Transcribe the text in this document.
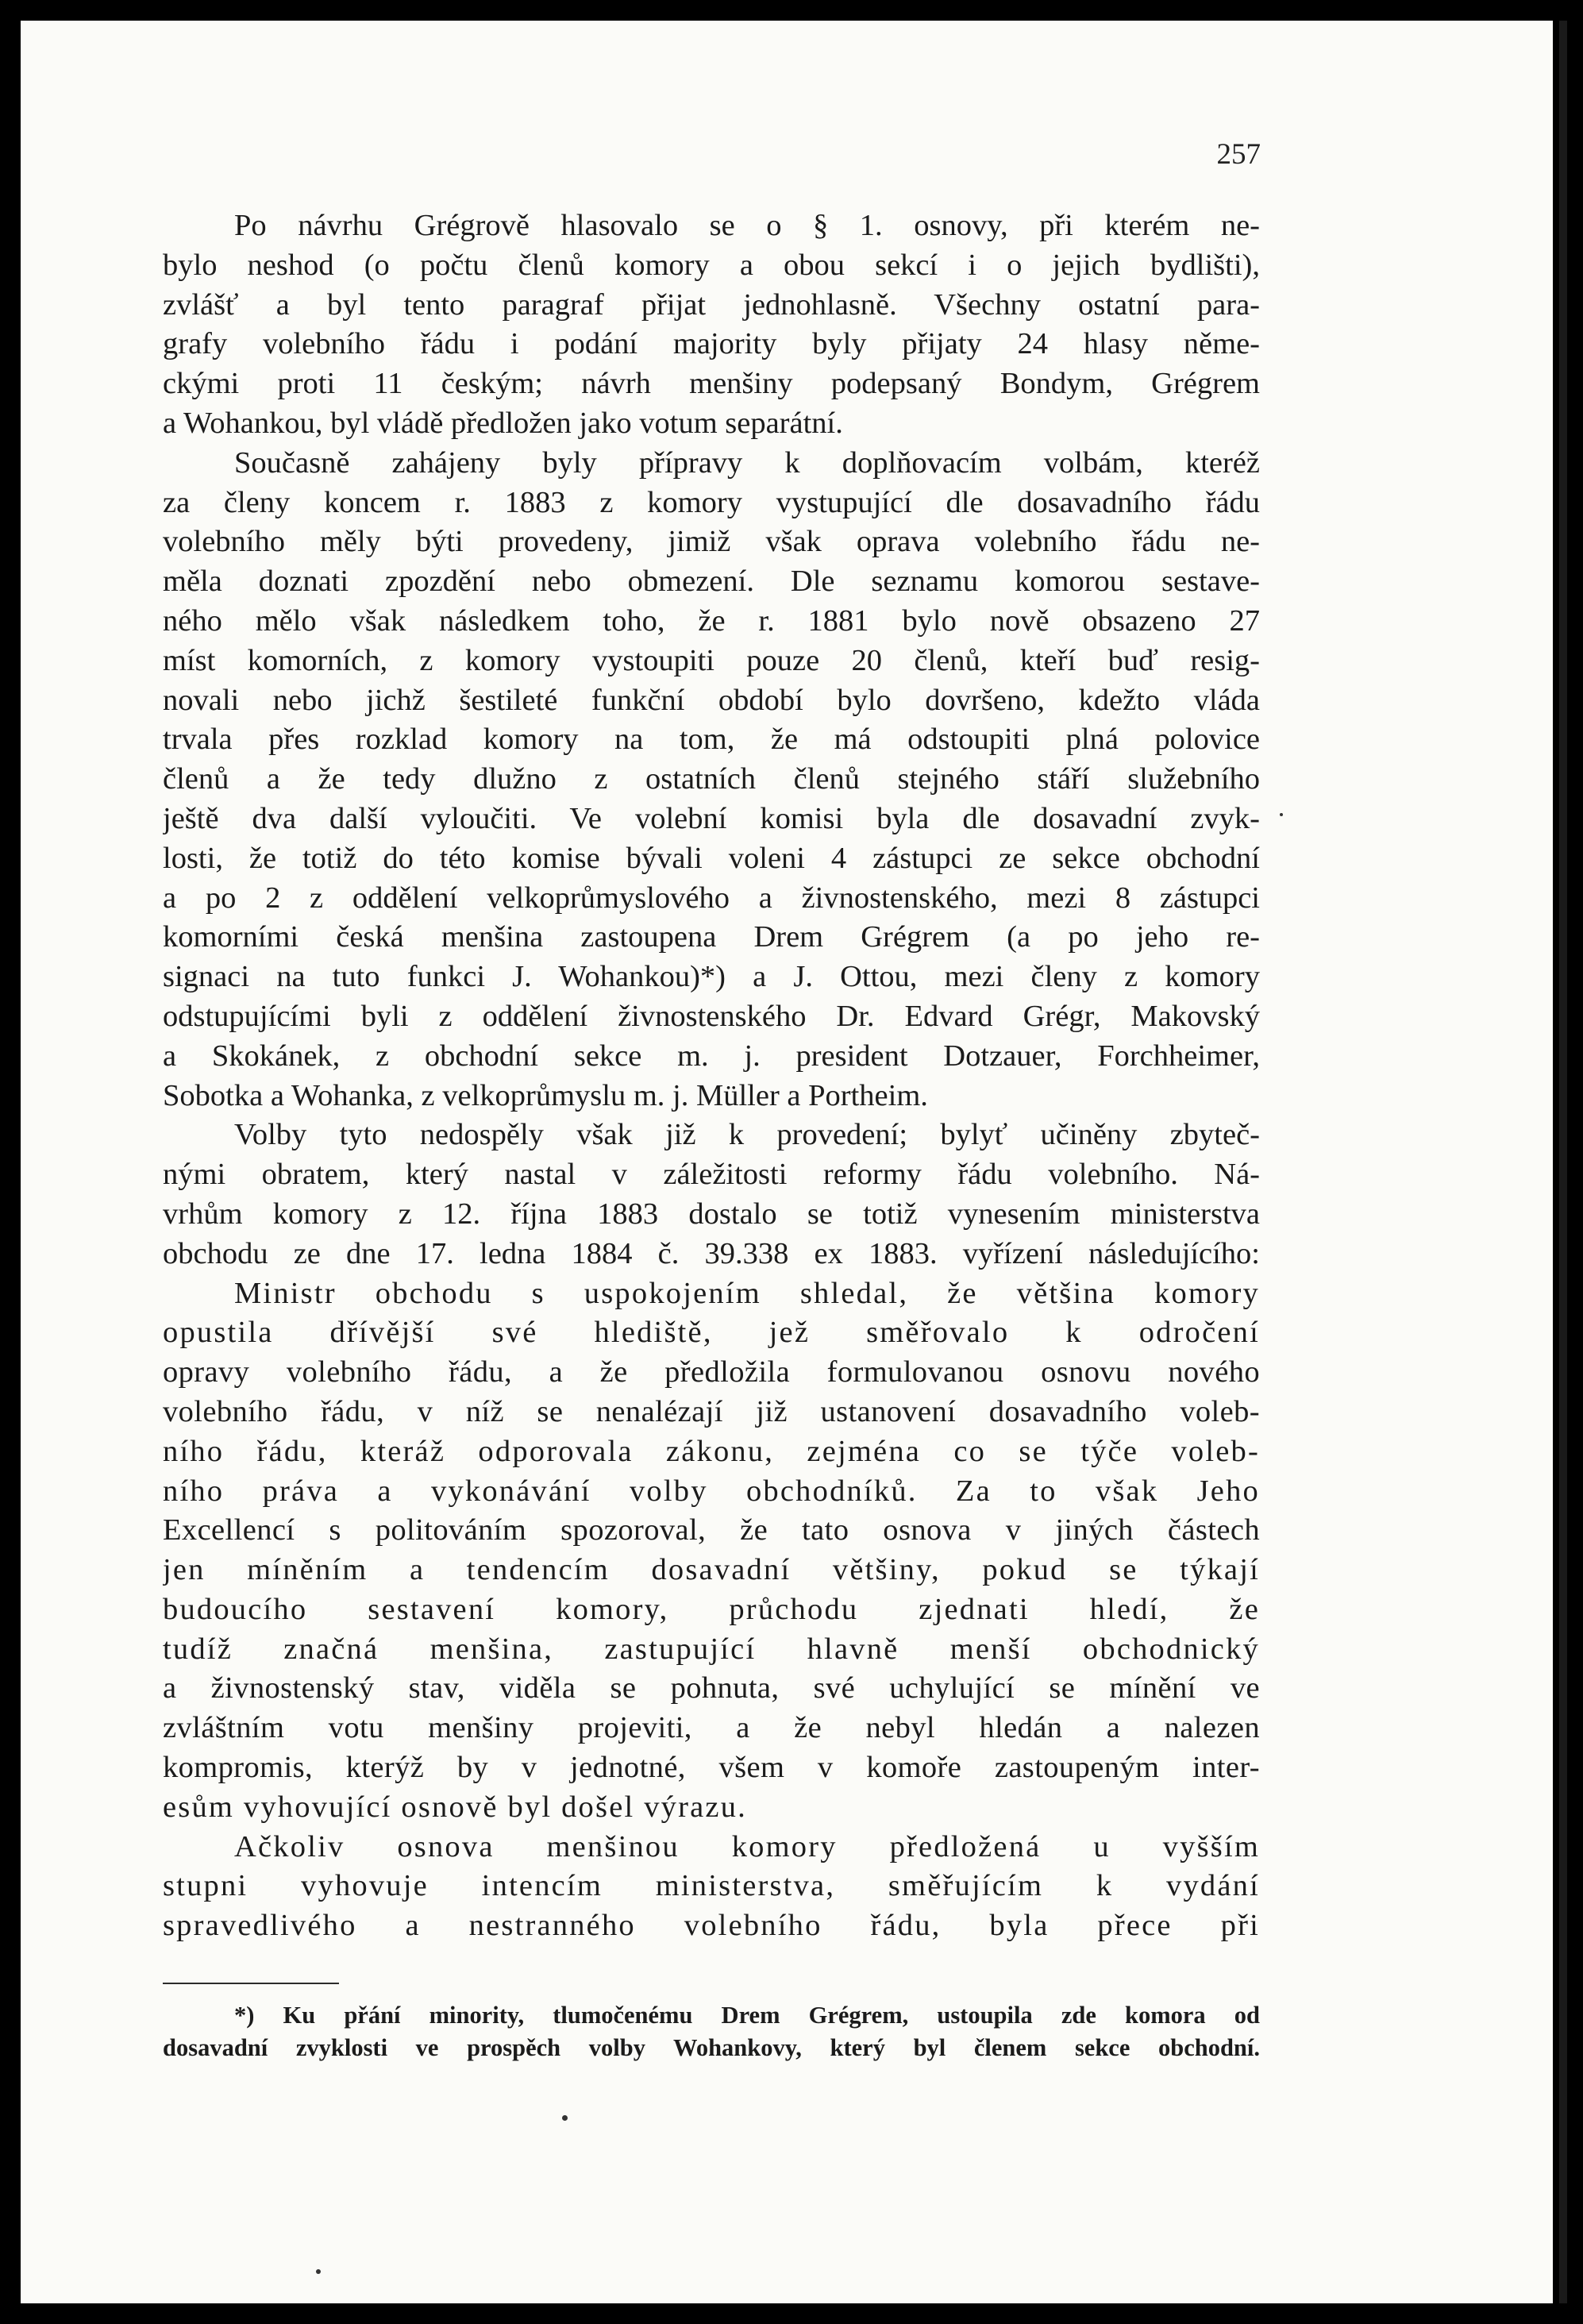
257

Po návrhu Grégrově hlasovalo se o § 1. osnovy, při kterém ne-
bylo neshod (o počtu členů komory a obou sekcí i o jejich bydlišti),
zvlášť a byl tento paragraf přijat jednohlasně. Všechny ostatní para-
grafy volebního řádu i podání majority byly přijaty 24 hlasy něme-
ckými proti 11 českým; návrh menšiny podepsaný Bondym, Grégrem
a Wohankou, byl vládě předložen jako votum separátní.

Současně zahájeny byly přípravy k doplňovacím volbám, kteréž
za členy koncem r. 1883 z komory vystupující dle dosavadního řádu
volebního měly býti provedeny, jimiž však oprava volebního řádu ne-
měla doznati zpozdění nebo obmezení. Dle seznamu komorou sestave-
ného mělo však následkem toho, že r. 1881 bylo nově obsazeno 27
míst komorních, z komory vystoupiti pouze 20 členů, kteří buď resig-
novali nebo jichž šestileté funkční období bylo dovršeno, kdežto vláda
trvala přes rozklad komory na tom, že má odstoupiti plná polovice
členů a že tedy dlužno z ostatních členů stejného stáří služebního
ještě dva další vyloučiti. Ve volební komisi byla dle dosavadní zvyk-
losti, že totiž do této komise bývali voleni 4 zástupci ze sekce obchodní
a po 2 z oddělení velkoprůmyslového a živnostenského, mezi 8 zástupci
komorními česká menšina zastoupena Drem Grégrem (a po jeho re-
signaci na tuto funkci J. Wohankou)*) a J. Ottou, mezi členy z komory
odstupujícími byli z oddělení živnostenského Dr. Edvard Grégr, Makovský
a Skokánek, z obchodní sekce m. j. president Dotzauer, Forchheimer,
Sobotka a Wohanka, z velkoprůmyslu m. j. Müller a Portheim.

Volby tyto nedospěly však již k provedení; bylyť učiněny zbyteč-
nými obratem, který nastal v záležitosti reformy řádu volebního. Ná-
vrhům komory z 12. října 1883 dostalo se totiž vynesením ministerstva
obchodu ze dne 17. ledna 1884 č. 39.338 ex 1883. vyřízení následujícího:

Ministr obchodu s uspokojením shledal, že většina komory
opustila dřívější své hlediště, jež směřovalo k odročení
opravy volebního řádu, a že předložila formulovanou osnovu nového
volebního řádu, v níž se nenalézají již ustanovení dosavadního voleb-
ního řádu, kteráž odporovala zákonu, zejména co se týče voleb-
ního práva a vykonávání volby obchodníků. Za to však Jeho
Excellencí s politováním spozoroval, že tato osnova v jiných částech
jen míněním a tendencím dosavadní většiny, pokud se týkají
budoucího sestavení komory, průchodu zjednati hledí, že
tudíž značná menšina, zastupující hlavně menší obchodnický
a živnostenský stav, viděla se pohnuta, své uchylující se mínění ve
zvláštním votu menšiny projeviti, a že nebyl hledán a nalezen
kompromis, kterýž by v jednotné, všem v komoře zastoupeným inter-
esům vyhovující osnově byl došel výrazu.

Ačkoliv osnova menšinou komory předložená u vyšším
stupni vyhovuje intencím ministerstva, směřujícím k vydání
spravedlivého a nestranného volebního řádu, byla přece při

*) Ku přání minority, tlumočenému Drem Grégrem, ustoupila zde komora od
dosavadní zvyklosti ve prospěch volby Wohankovy, který byl členem sekce obchodní.
